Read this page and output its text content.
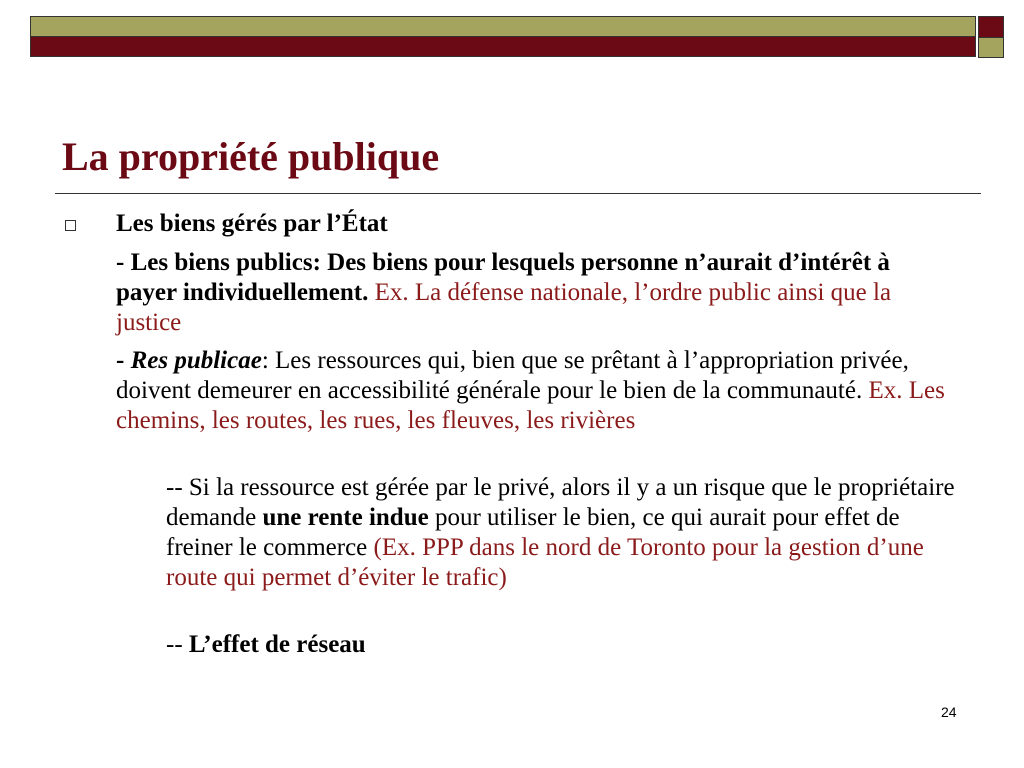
La propriété publique
Les biens gérés par l’État
- Les biens publics: Des biens pour lesquels personne n’aurait d’intérêt à payer individuellement. Ex. La défense nationale, l’ordre public ainsi que la justice
- Res publicae: Les ressources qui, bien que se prêtant à l’appropriation privée, doivent demeurer en accessibilité générale pour le bien de la communauté. Ex. Les chemins, les routes, les rues, les fleuves, les rivières
-- Si la ressource est gérée par le privé, alors il y a un risque que le propriétaire demande une rente indue pour utiliser le bien, ce qui aurait pour effet de freiner le commerce (Ex. PPP dans le nord de Toronto pour la gestion d’une route qui permet d’éviter le trafic)
-- L’effet de réseau
24
